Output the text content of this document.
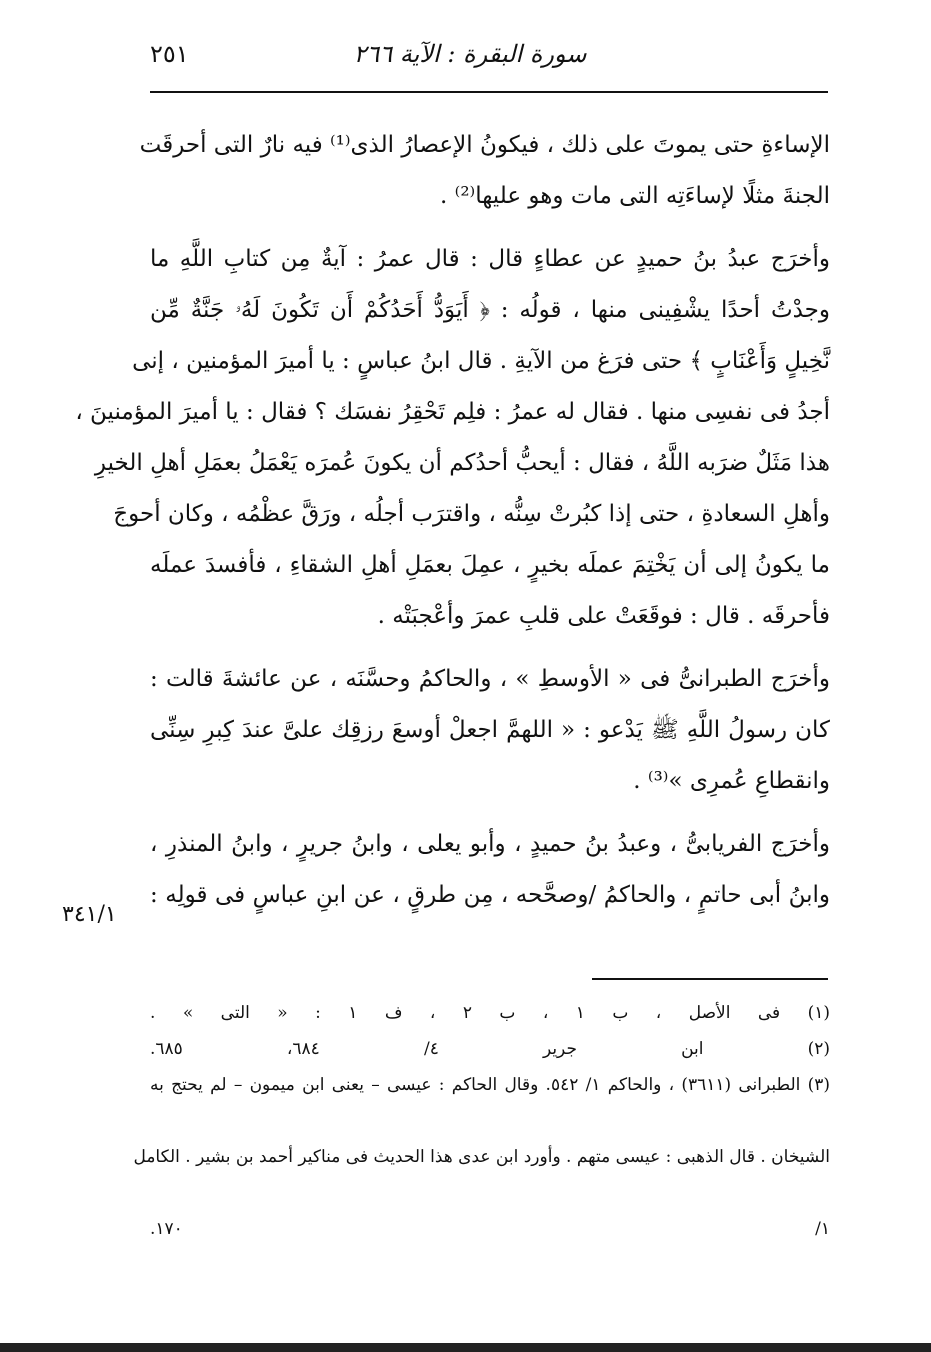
٢٥١	سورة البقرة : الآية ٢٦٦
الإساءةِ حتى يموتَ على ذلك ، فيكونُ الإعصارُ الذى⁽¹⁾ فيه نارٌ التى أحرقَت
الجنةَ مثلًا لإساءَتِه التى مات وهو عليها⁽²⁾ .
وأخرَج عبدُ بنُ حميدٍ عن عطاءٍ قال : قال عمرُ : آيةٌ مِن كتابِ اللَّهِ ما
وجدْتُ أحدًا يشْفِينى منها ، قولُه : ﴿ أَيَوَدُّ أَحَدُكُمْ أَن تَكُونَ لَهُۥ جَنَّةٌ مِّن
نَّخِيلٍ وَأَعْنَابٍ ﴾ حتى فرَغ من الآيةِ . قال ابنُ عباسٍ : يا أميرَ المؤمنين ، إنى
أجدُ فى نفسِى منها . فقال له عمرُ : فلِم تَحْقِرُ نفسَك ؟ فقال : يا أميرَ المؤمنينَ ،
هذا مَثَلٌ ضرَبه اللَّهُ ، فقال : أيحبُّ أحدُكم أن يكونَ عُمرَه يَعْمَلُ بعمَلِ أهلِ الخيرِ
وأهلِ السعادةِ ، حتى إذا كبُرتْ سِنُّه ، واقترَب أجلُه ، ورَقَّ عظْمُه ، وكان أحوجَ
ما يكونُ إلى أن يَخْتِمَ عملَه بخيرٍ ، عمِلَ بعمَلِ أهلِ الشقاءِ ، فأفسدَ عملَه
فأحرقَه . قال : فوقَعَتْ على قلبِ عمرَ وأعْجبَتْه .
وأخرَج الطبرانىُّ فى « الأوسطِ » ، والحاكمُ وحسَّنَه ، عن عائشةَ قالت :
كان رسولُ اللَّهِ ﷺ يَدْعو : « اللهمَّ اجعلْ أوسعَ رزقِك علىَّ عندَ كِبرِ سِنِّى
وانقطاعِ عُمرِى »⁽³⁾ .
وأخرَج الفريابىُّ ، وعبدُ بنُ حميدٍ ، وأبو يعلى ، وابنُ جريرٍ ، وابنُ المنذرِ ،
وابنُ أبى حاتمٍ ، والحاكمُ /وصحَّحه ، مِن طرقٍ ، عن ابنِ عباسٍ فى قولِه :
٣٤١/١
(١) فى الأصل ، ب ١ ، ب ٢ ، ف ١ : « التى » .
(٢) ابن جرير ٤/ ٦٨٤، ٦٨٥.
(٣) الطبرانى (٣٦١١) ، والحاكم ١/ ٥٤٢. وقال الحاكم : عيسى – يعنى ابن ميمون – لم يحتج به

الشيخان . قال الذهبى : عيسى متهم . وأورد ابن عدى هذا الحديث فى مناكير أحمد بن بشير . الكامل

١/ ١٧٠.
